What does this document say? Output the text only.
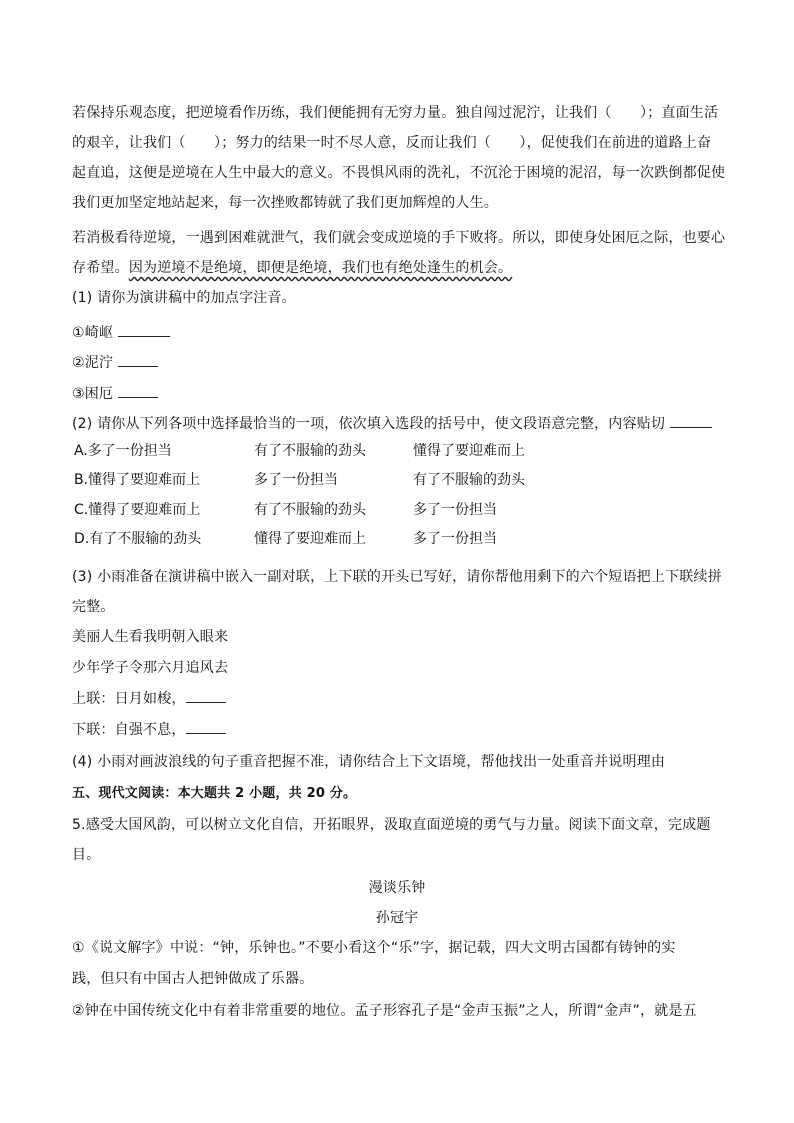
若保持乐观态度，把逆境看作历练，我们便能拥有无穷力量。独自闯过泥泞，让我们（　　）；直面生活
的艰辛，让我们（　　）；努力的结果一时不尽人意，反而让我们（　　），促使我们在前进的道路上奋
起直追，这便是逆境在人生中最大的意义。不畏惧风雨的洗礼，不沉沦于困境的泥沼，每一次跌倒都促使
我们更加坚定地站起来，每一次挫败都铸就了我们更加辉煌的人生。
若消极看待逆境，一遇到困难就泄气，我们就会变成逆境的手下败将。所以，即使身处困厄之际，也要心
存希望。因为逆境不是绝境，即便是绝境，我们也有绝处逢生的机会。
(1) 请你为演讲稿中的加点字注音。
①崎岖
②泥泞
③困厄
(2) 请你从下列各项中选择最恰当的一项，依次填入选段的括号中，使文段语意完整，内容贴切
A.多了一份担当	有了不服输的劲头	懂得了要迎难而上
B.懂得了要迎难而上	多了一份担当	有了不服输的劲头
C.懂得了要迎难而上	有了不服输的劲头	多了一份担当
D.有了不服输的劲头	懂得了要迎难而上	多了一份担当
(3) 小雨准备在演讲稿中嵌入一副对联，上下联的开头已写好，请你帮他用剩下的六个短语把上下联续拼
完整。
美丽人生看我明朝入眼来
少年学子令那六月追风去
上联：日月如梭，
下联：自强不息，
(4) 小雨对画波浪线的句子重音把握不准，请你结合上下文语境，帮他找出一处重音并说明理由
五、现代文阅读：本大题共 2 小题，共 20 分。
5.感受大国风韵，可以树立文化自信，开拓眼界，汲取直面逆境的勇气与力量。阅读下面文章，完成题
目。
漫谈乐钟
孙冠宇
①《说文解字》中说：“钟，乐钟也。”不要小看这个“乐”字，据记载，四大文明古国都有铸钟的实
践，但只有中国古人把钟做成了乐器。
②钟在中国传统文化中有着非常重要的地位。孟子形容孔子是“金声玉振”之人，所谓“金声”，就是五
